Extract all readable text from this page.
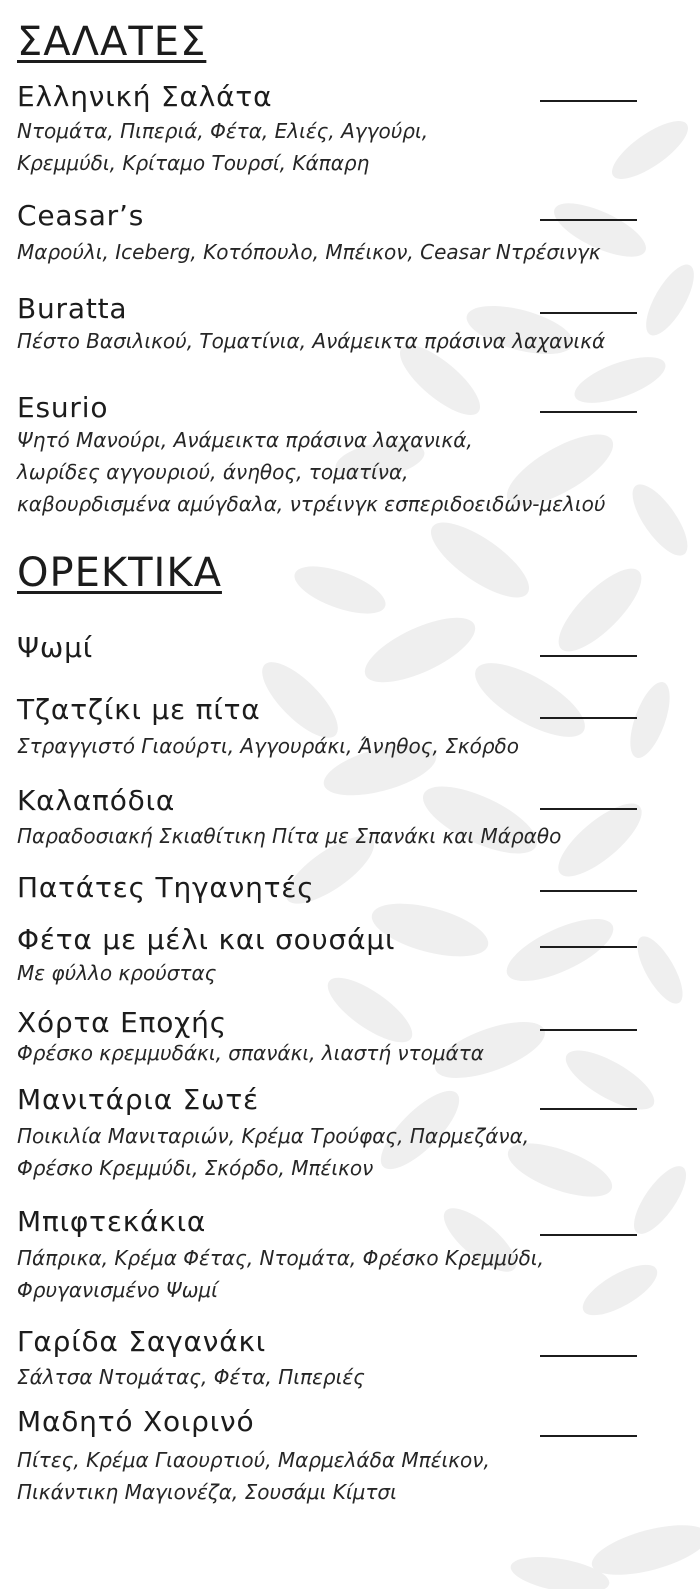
ΣΑΛΑΤΕΣ
Ελληνική Σαλάτα
Ντομάτα, Πιπεριά, Φέτα, Ελιές, Αγγούρι,
Κρεμμύδι, Κρίταμο Τουρσί, Κάπαρη
Ceasar’s
Μαρούλι, Iceberg, Κοτόπουλο, Μπέικον, Ceasar Ντρέσινγκ
Buratta
Πέστο Βασιλικού, Τοματίνια, Ανάμεικτα πράσινα λαχανικά
Esurio
Ψητό Μανούρι, Ανάμεικτα πράσινα λαχανικά,
λωρίδες αγγουριού, άνηθος, τοματίνα,
καβουρδισμένα αμύγδαλα, ντρέινγκ εσπεριδοειδών-μελιού
ΟΡΕΚΤΙΚΑ
Ψωμί
Τζατζίκι με πίτα
Στραγγιστό Γιαούρτι, Αγγουράκι, Άνηθος, Σκόρδο
Καλαπόδια
Παραδοσιακή Σκιαθίτικη Πίτα με Σπανάκι και Μάραθο
Πατάτες Τηγανητές
Φέτα με μέλι και σουσάμι
Με φύλλο κρούστας
Χόρτα Εποχής
Φρέσκο κρεμμυδάκι, σπανάκι, λιαστή ντομάτα
Μανιτάρια Σωτέ
Ποικιλία Μανιταριών, Κρέμα Τρούφας, Παρμεζάνα,
Φρέσκο Κρεμμύδι, Σκόρδο, Μπέικον
Μπιφτεκάκια
Πάπρικα, Κρέμα Φέτας, Ντομάτα, Φρέσκο Κρεμμύδι,
Φρυγανισμένο Ψωμί
Γαρίδα Σαγανάκι
Σάλτσα Ντομάτας, Φέτα, Πιπεριές
Μαδητό Χοιρινό
Πίτες, Κρέμα Γιαουρτιού, Μαρμελάδα Μπέικον,
Πικάντικη Μαγιονέζα, Σουσάμι Κίμτσι
